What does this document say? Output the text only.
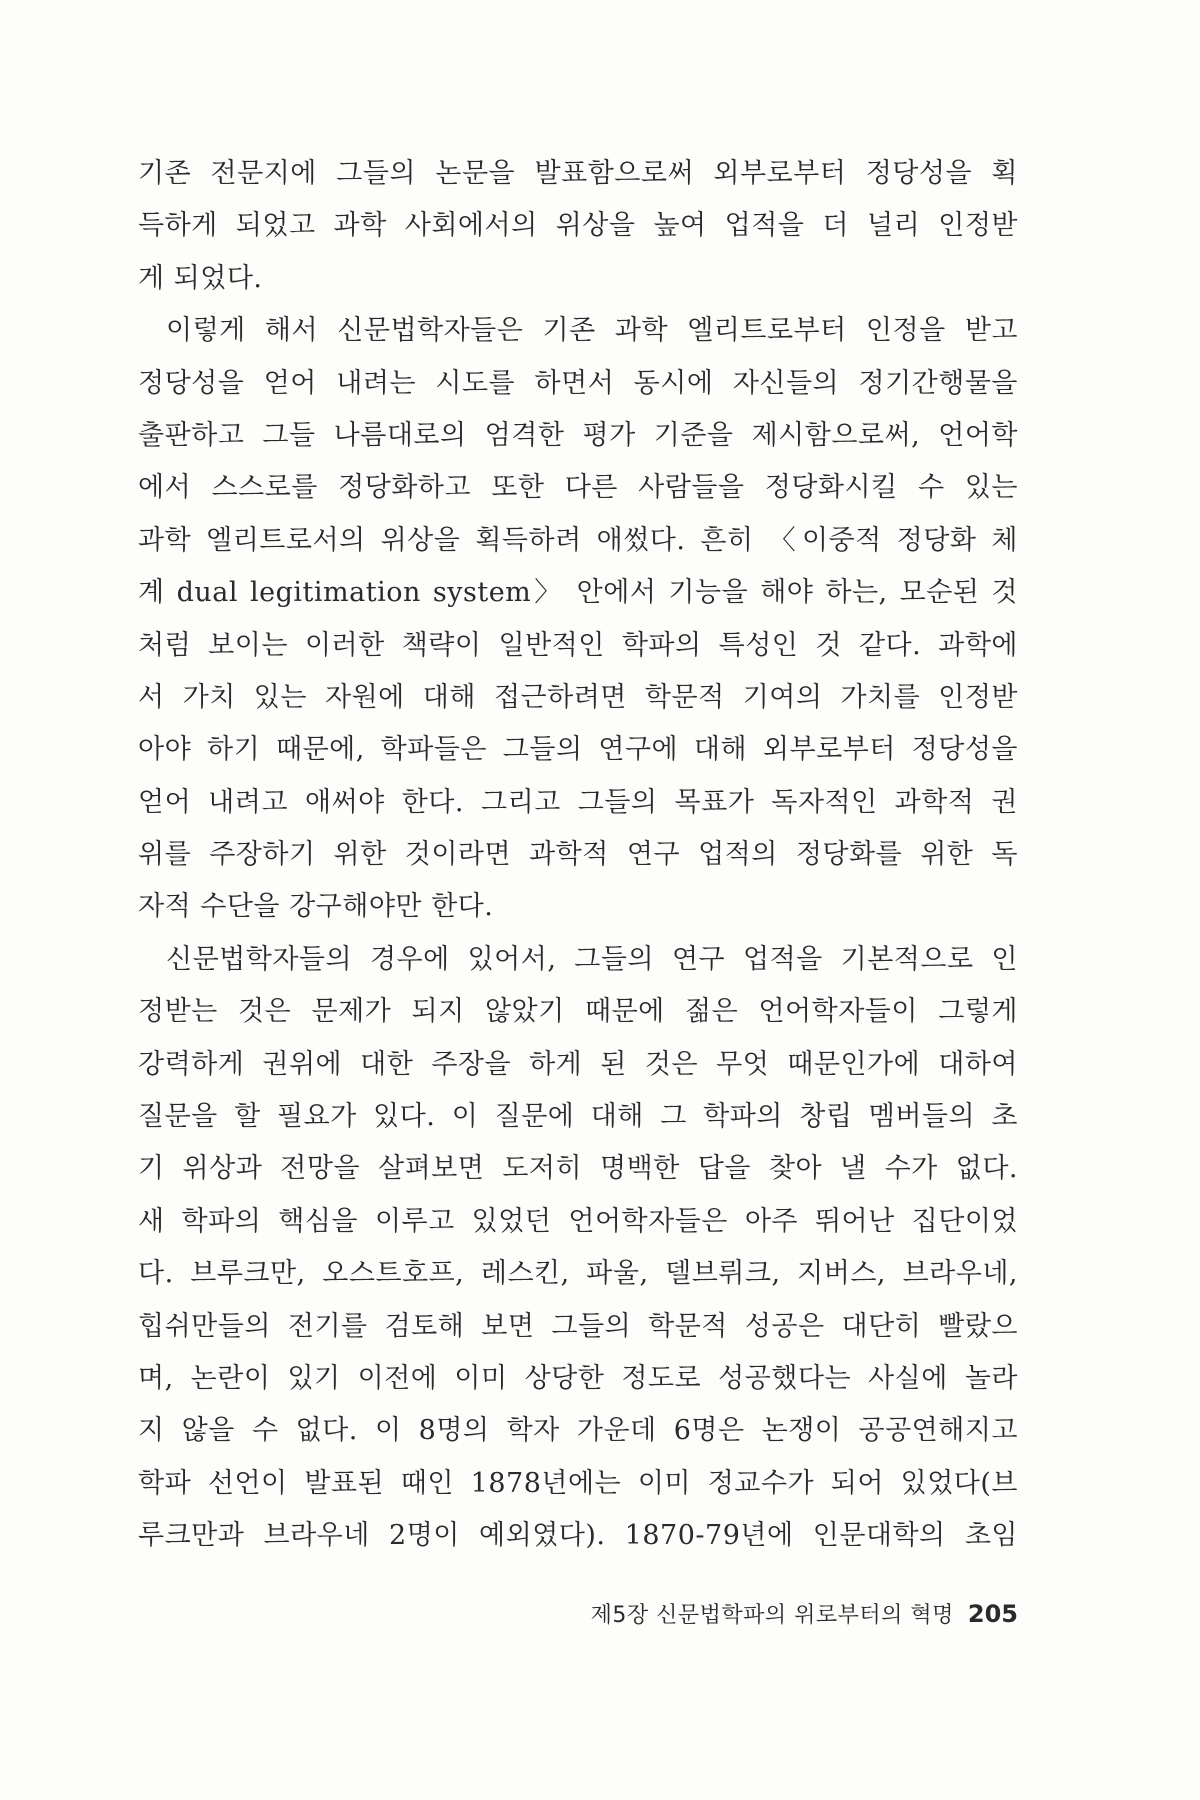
기존 전문지에 그들의 논문을 발표함으로써 외부로부터 정당성을 획
득하게 되었고 과학 사회에서의 위상을 높여 업적을 더 널리 인정받
게 되었다.

이렇게 해서 신문법학자들은 기존 과학 엘리트로부터 인정을 받고
정당성을 얻어 내려는 시도를 하면서 동시에 자신들의 정기간행물을
출판하고 그들 나름대로의 엄격한 평가 기준을 제시함으로써, 언어학
에서 스스로를 정당화하고 또한 다른 사람들을 정당화시킬 수 있는
과학 엘리트로서의 위상을 획득하려 애썼다. 흔히 〈이중적 정당화 체
계 dual legitimation system〉 안에서 기능을 해야 하는, 모순된 것
처럼 보이는 이러한 책략이 일반적인 학파의 특성인 것 같다. 과학에
서 가치 있는 자원에 대해 접근하려면 학문적 기여의 가치를 인정받
아야 하기 때문에, 학파들은 그들의 연구에 대해 외부로부터 정당성을
얻어 내려고 애써야 한다. 그리고 그들의 목표가 독자적인 과학적 권
위를 주장하기 위한 것이라면 과학적 연구 업적의 정당화를 위한 독
자적 수단을 강구해야만 한다.

신문법학자들의 경우에 있어서, 그들의 연구 업적을 기본적으로 인
정받는 것은 문제가 되지 않았기 때문에 젊은 언어학자들이 그렇게
강력하게 권위에 대한 주장을 하게 된 것은 무엇 때문인가에 대하여
질문을 할 필요가 있다. 이 질문에 대해 그 학파의 창립 멤버들의 초
기 위상과 전망을 살펴보면 도저히 명백한 답을 찾아 낼 수가 없다.
새 학파의 핵심을 이루고 있었던 언어학자들은 아주 뛰어난 집단이었
다. 브루크만, 오스트호프, 레스킨, 파울, 델브뤼크, 지버스, 브라우네,
힙쉬만들의 전기를 검토해 보면 그들의 학문적 성공은 대단히 빨랐으
며, 논란이 있기 이전에 이미 상당한 정도로 성공했다는 사실에 놀라
지 않을 수 없다. 이 8명의 학자 가운데 6명은 논쟁이 공공연해지고
학파 선언이 발표된 때인 1878년에는 이미 정교수가 되어 있었다(브
루크만과 브라우네 2명이 예외였다). 1870-79년에 인문대학의 초임

제5장 신문법학파의 위로부터의 혁명 205
